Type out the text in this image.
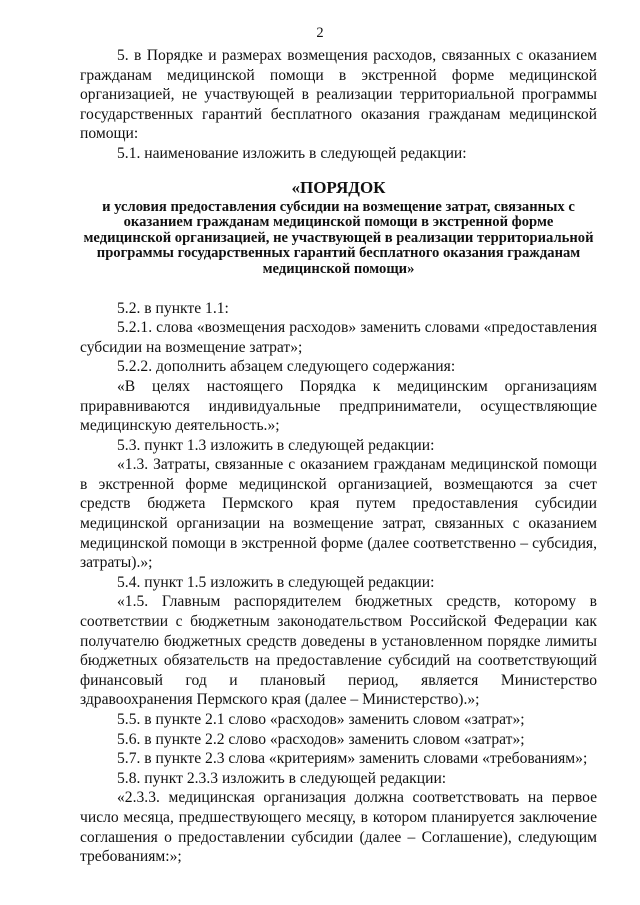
2

5. в Порядке и размерах возмещения расходов, связанных с оказанием гражданам медицинской помощи в экстренной форме медицинской организацией, не участвующей в реализации территориальной программы государственных гарантий бесплатного оказания гражданам медицинской помощи:

5.1. наименование изложить в следующей редакции:

«ПОРЯДОК

и условия предоставления субсидии на возмещение затрат, связанных с оказанием гражданам медицинской помощи в экстренной форме медицинской организацией, не участвующей в реализации территориальной программы государственных гарантий бесплатного оказания гражданам медицинской помощи»

5.2. в пункте 1.1:

5.2.1. слова «возмещения расходов» заменить словами «предоставления субсидии на возмещение затрат»;

5.2.2. дополнить абзацем следующего содержания:

«В целях настоящего Порядка к медицинским организациям приравниваются индивидуальные предприниматели, осуществляющие медицинскую деятельность.»;

5.3. пункт 1.3 изложить в следующей редакции:

«1.3. Затраты, связанные с оказанием гражданам медицинской помощи в экстренной форме медицинской организацией, возмещаются за счет средств бюджета Пермского края путем предоставления субсидии медицинской организации на возмещение затрат, связанных с оказанием медицинской помощи в экстренной форме (далее соответственно – субсидия, затраты).»;

5.4. пункт 1.5 изложить в следующей редакции:

«1.5. Главным распорядителем бюджетных средств, которому в соответствии с бюджетным законодательством Российской Федерации как получателю бюджетных средств доведены в установленном порядке лимиты бюджетных обязательств на предоставление субсидий на соответствующий финансовый год и плановый период, является Министерство здравоохранения Пермского края (далее – Министерство).»;

5.5. в пункте 2.1 слово «расходов» заменить словом «затрат»;

5.6. в пункте 2.2 слово «расходов» заменить словом «затрат»;

5.7. в пункте 2.3 слова «критериям» заменить словами «требованиям»;

5.8. пункт 2.3.3 изложить в следующей редакции:

«2.3.3. медицинская организация должна соответствовать на первое число месяца, предшествующего месяцу, в котором планируется заключение соглашения о предоставлении субсидии (далее – Соглашение), следующим требованиям:»;
